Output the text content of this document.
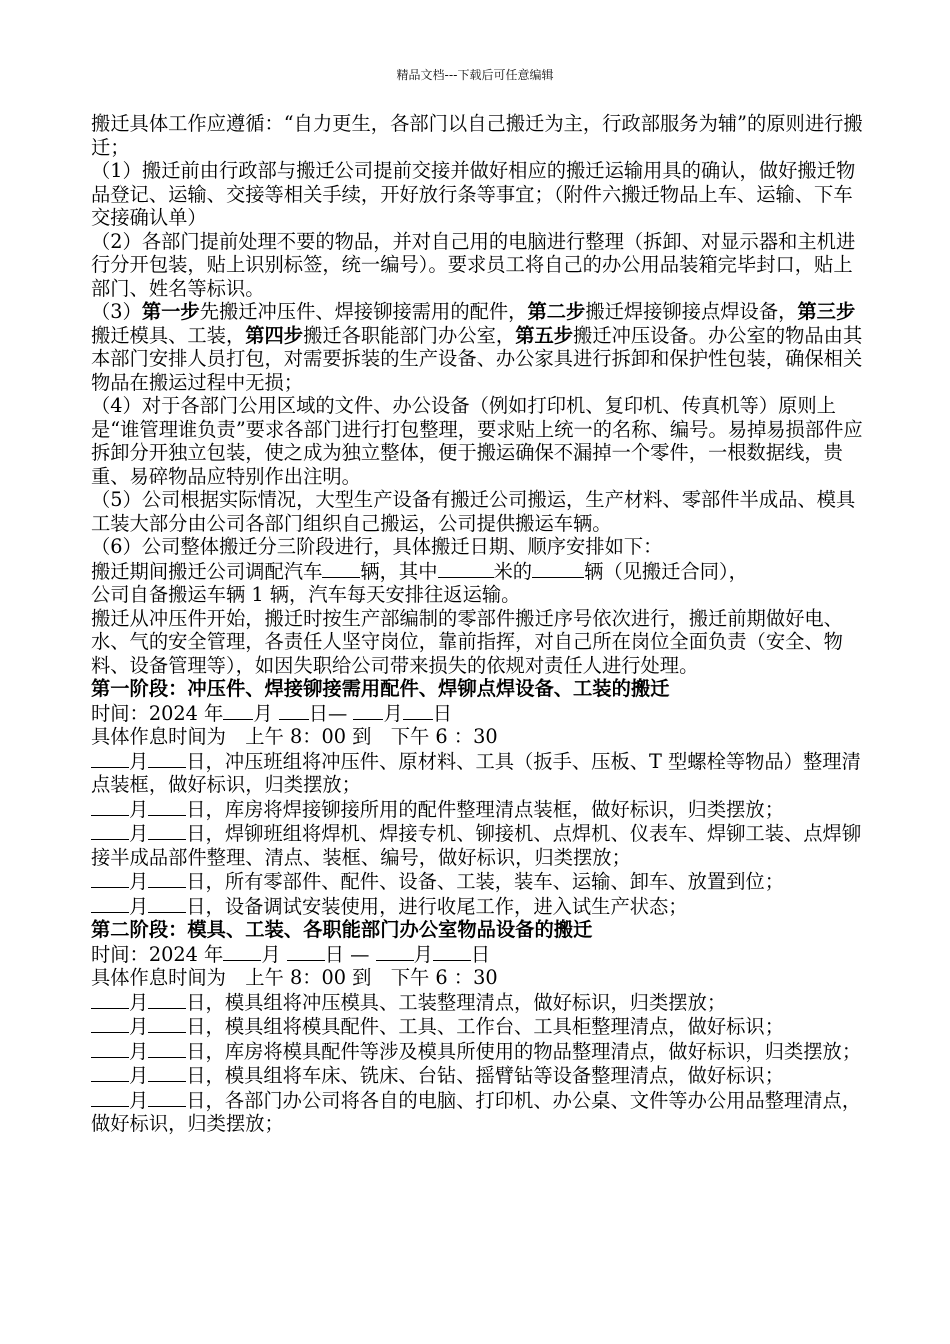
精品文档---下载后可任意编辑

搬迁具体工作应遵循：“自力更生，各部门以自己搬迁为主，行政部服务为辅”的原则进行搬迁；

（1）搬迁前由行政部与搬迁公司提前交接并做好相应的搬迁运输用具的确认，做好搬迁物品登记、运输、交接等相关手续，开好放行条等事宜；（附件六搬迁物品上车、运输、下车交接确认单）

（2）各部门提前处理不要的物品，并对自己用的电脑进行整理（拆卸、对显示器和主机进行分开包装，贴上识别标签，统一编号）。要求员工将自己的办公用品装箱完毕封口，贴上部门、姓名等标识。

（3）第一步先搬迁冲压件、焊接铆接需用的配件，第二步搬迁焊接铆接点焊设备，第三步搬迁模具、工装，第四步搬迁各职能部门办公室，第五步搬迁冲压设备。办公室的物品由其本部门安排人员打包，对需要拆装的生产设备、办公家具进行拆卸和保护性包装，确保相关物品在搬运过程中无损；

（4）对于各部门公用区域的文件、办公设备（例如打印机、复印机、传真机等）原则上是“谁管理谁负责”要求各部门进行打包整理，要求贴上统一的名称、编号。易掉易损部件应拆卸分开独立包装，使之成为独立整体，便于搬运确保不漏掉一个零件，一根数据线，贵重、易碎物品应特别作出注明。

（5）公司根据实际情况，大型生产设备有搬迁公司搬运，生产材料、零部件半成品、模具工装大部分由公司各部门组织自己搬运，公司提供搬运车辆。

（6）公司整体搬迁分三阶段进行，具体搬迁日期、顺序安排如下：

搬迁期间搬迁公司调配汽车 辆，其中	米的	辆（见搬迁合同），

公司自备搬运车辆 1 辆，汽车每天安排往返运输。

搬迁从冲压件开始，搬迁时按生产部编制的零部件搬迁序号依次进行，搬迁前期做好电、水、气的安全管理，各责任人坚守岗位，靠前指挥，对自己所在岗位全面负责（安全、物料、设备管理等），如因失职给公司带来损失的依规对责任人进行处理。

第一阶段：冲压件、焊接铆接需用配件、焊铆点焊设备、工装的搬迁

时间：2024 年 月 日— 月 日

具体作息时间为　上午 8：00 到　下午 6 ：30

月 日，冲压班组将冲压件、原材料、工具（扳手、压板、T 型螺栓等物品）整理清点装框，做好标识，归类摆放；

月 日，库房将焊接铆接所用的配件整理清点装框，做好标识，归类摆放；

月 日，焊铆班组将焊机、焊接专机、铆接机、点焊机、仪表车、焊铆工装、点焊铆接半成品部件整理、清点、装框、编号，做好标识，归类摆放；

月 日，所有零部件、配件、设备、工装，装车、运输、卸车、放置到位；

月 日，设备调试安装使用，进行收尾工作，进入试生产状态；

第二阶段：模具、工装、各职能部门办公室物品设备的搬迁

时间：2024 年 月 日 — 月 日

具体作息时间为　上午 8：00 到　下午 6 ：30

月 日，模具组将冲压模具、工装整理清点，做好标识，归类摆放；

月 日，模具组将模具配件、工具、工作台、工具柜整理清点，做好标识；

月 日，库房将模具配件等涉及模具所使用的物品整理清点，做好标识，归类摆放；

月 日，模具组将车床、铣床、台钻、摇臂钻等设备整理清点，做好标识；

月 日，各部门办公司将各自的电脑、打印机、办公桌、文件等办公用品整理清点，做好标识，归类摆放；
